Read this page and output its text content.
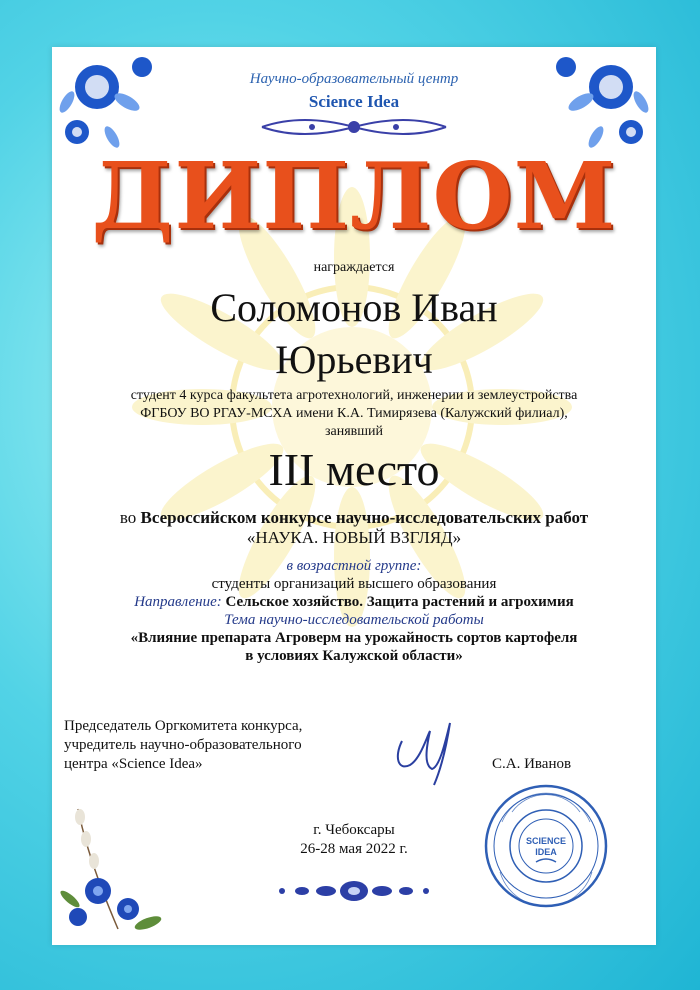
Научно-образовательный центр
Science Idea
ДИПЛОМ
награждается
Соломонов Иван
Юрьевич
студент 4 курса факультета агротехнологий, инженерии и землеустройства
ФГБОУ ВО РГАУ-МСХА имени К.А. Тимирязева (Калужский филиал),
занявший
III место
во Всероссийском конкурсе научно-исследовательских работ
«НАУКА. НОВЫЙ ВЗГЛЯД»
в возрастной группе:
студенты организаций высшего образования
Направление: Сельское хозяйство. Защита растений и агрохимия
Тема научно-исследовательской работы
«Влияние препарата Агроверм на урожайность сортов картофеля
в условиях Калужской области»
Председатель Оргкомитета конкурса,
учредитель научно-образовательного
центра «Science Idea»	С.А. Иванов
г. Чебоксары
26-28 мая 2022 г.	SCIENCE
IDEA
